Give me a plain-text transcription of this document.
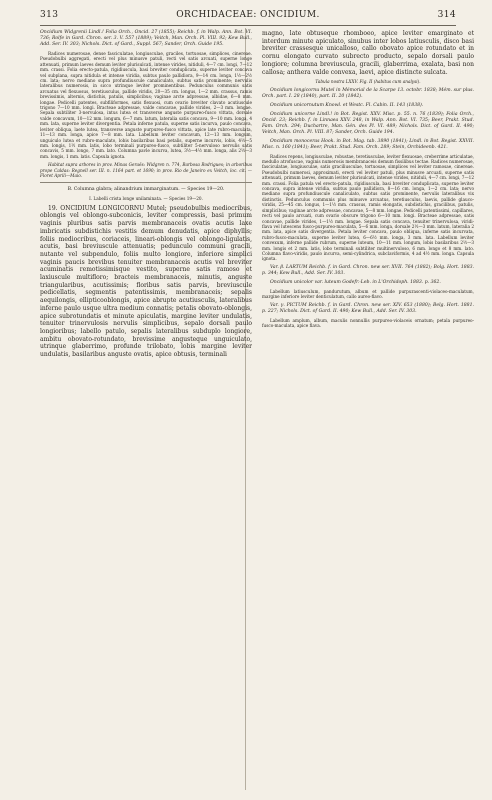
313	ORCHIDACEAE: ONCIDIUM.	314

Oncidium Widgrenii Lindl.! Folia Orch., Oncid. 27 (1855); Reichb. f. in Walp. Ann. Bot. VI. 736; Rolfe in Gard. Chron. ser. 3. V. 557 (1889); Veitch, Man. Orch. Pl. VIII. 92; Kew Bull., Add. Ser. IV. 303; Nichols. Dict. of Gard., Suppl. 567; Sander, Orch. Guide 195.

Radices numerosae, dense fasciculatae, longiusculae, graciles, tortuosae, simplices, cinereae. Pseudobulbi aggregati, erecti vel plus minusve patuli, recti vel satis arcuati, superne longe attenuati, primum laeves demum leviter plurisulcati, intense virides, nitiduli, 4—7 cm. longi, 7—12 mm. crassi. Folia erecto-patula, rigidiuscula, basi breviter conduplicata, superne leviter concava vel subplana, supra nitidula et intense viridia, subtus paulo pallidiora, 9—14 cm. longa, 1½—2½ cm. lata; nervo mediano supra profundiuscule canaliculato, subtus satis prominente; nervulis lateralibus numerosis, in sicco utrinque leviter prominentibus. Pedunculus communis satis arcuatus vel flexuosus, teretiusculus, pallide viridis, 20—35 cm. longus, 1—2 mm. crassus, ramis brevissimis, alternis, distichis, patulis, simplicibus; vaginae arcte adpressae, albidae, 6—8 mm. longae. Pedicelli patentes, subfiliformes, satis flexuosi, cum ovario breviter clavato acutiuscule trigono 7—10 mm. longi. Bracteae adpressae, valde concavae, pallide virides, 2—3 mm. longae. Sepala subtiliter 3-nervulosa, intus lutea et transverse anguste purpureo-fusco vittata, dorsale valde concavum, 10—12 mm. longum, 6—7 mm. latum, lateralia satis concava, 9—10 mm. longa, 4 mm. lata, superne leviter divergentia. Petala inferne patula, superne satis incurva, paulo concava, leviter obliqua, laete lutea, transverse anguste purpureo-fusco vittata, apice late rubro-maculata, 11—13 mm. longa, apice 7—8 mm. lata. Labellum leviter concavum, 12—13 mm. longum, unguiculo lutea et rubro-maculato, lobis basilaribus basi petalis, superne incurvis, lobis, 4½—5 mm. longis, 1½ mm. latis, lobo terminali purpureo-fusco, subtiliter 5-nervuloso nervulis satis concavis, 5 mm. longo, 7 mm. lato. Columna pavle incurva, lutea, 3½—4½ mm. longa, alis 2½—3 mm. longis, 1 mm. latis. Capsula ignota.

Habitat supra arbores in prov. Minas Geraës: Widgren n. 774, Barbosa Rodrigues; in arboribus prope Caldas: Regnell ser. III. n. 1164 part. et 1690; in prov. Rio de Janeiro ex Veitch, loc. cit. — Floret Aprili—Maio.

B. Columna glabra; alinandrium immarginatum. — Species 19—20.

I. Labelli crista longe unilaminata. — Species 19—20.

19. ONCIDIUM LONGICORNU Mutel; pseudobulbis mediocribus, oblongis vel oblongo-subconicis, leviter compressis, basi primum vaginis pluribus satis parvis membranaceis ovatis acutis laxe imbricatis subdistichis vestitis demum denudatis, apice diphyllis; foliis mediocribus, coriaceis, lineari-oblongis vel oblongo-ligulatis, acutis, basi breviuscule attenuatis; pedunculo communi gracili, nutante vel subpendulo, foliis multo longiore, inferiore simplici vaginis paucis brevibus tenuiter membranaceis acutis vel breviter acuminatis remotissimisque vestito, superne satis ramoso et laxiuscule multifloro; bracteis membranaceis, minutis, anguste triangularibus, acutissimis; floribus satis parvis, breviuscule pedicellatis, segmentis patentissimis, membranaceis; sepalis aequilongis, ellipticooblongis, apice abrupte acutiusculis, lateralibus inferne paulo usque ultra medium connatis; petalis obovato-oblongis, apice subrotundatis et minute apiculatis, margine leviter undulatis, tenuiter trinervulosis nervulis simplicibus, sepalo dorsali paulo longioribus; labello patulo, sepalis lateralibus subduplo longiore, ambitu obovato-rotundato, brevissime angusteque unguiculato, utrinque glaberrimo, profunde trilobato, lobis margine leviter undulatis, basilaribus anguste ovatis, apice obtusis, terminali

magno, late obtuseque rhomboeo, apice leviter emarginato et interdum minute apiculato, sinubus inter lobos latiusculis, disco basi breviter crassesque unicalloso, callo obovato apice rotundato et in cornu elongato curvato subrecto producto, sepalo dorsali paulo longiore; columna breviuscula, gracili, glaberrima, exalata, basi non callosa; anthera valde convexa, laevi, apice distincte sulcata.

Tabula nostra LXXV. Fig. II (habitus cum analysi).

Oncidium longicornu Mutel in Mémorial de la Scarpe 13. octobr. 1838; Mém. sur plus. Orch. part. I. 28 (1840), part. II. 20 (1842).

Oncidium unicornutum Knowl. et Westc. Fl. Cabin. II. 143 (1838).

Oncidium unicorne Lindl.! in Bot. Regist. XXV. Misc. p. 55. n. 76 (1839); Folia Orch., Oncid. 23; Reichb. f. in Linnaea XXV. 248, in Walp. Ann. Bot. VI. 735; Beer, Prakt. Stud. Fam. Orch. 294; Duchartre, Man. Gén. des Pl. VI. 489; Nichols. Dict. of Gard. II. 490; Veitch, Man. Orch. Pl. VIII. 87; Sander, Orch. Guide 194.

Oncidium monoceras Hook. in Bot. Mag. tab. 3890 (1841); Lindl. in Bot. Regist. XXVII. Misc. n. 160 (1841); Beer, Prakt. Stud. Fam. Orch. 289; Stein, Orchideenb. 421.

Radices repens, longiusculae, robustae, teretiusculae, leviter flexuosae, creberrime articulatae, medullo atrofuscae, vaginis numerosis membranaceis demum fissilibus tectae. Radices numerosae, fasciculatae, longiusculae, satis graciliusculae, tortuosae, simplices vel leviter ramosae, cinereae. Pseudobulbi numerosi, approximati, erecti vel leviter patuli, plus minusve arcuati, superne satis attenuati, primum laeves, demum leviter plurisulcati, intense virides, nitiduli, 4—7 cm. longi, 7—12 mm. crassi. Folia patula vel erecto-patula, rigidiuscula, basi breviter conduplicata, superne leviter concava, supra intense viridia, subtus paulo pallidiora, 8—16 cm. longa, 1—2 cm. lata; nervo mediano supra profundiuscule canaliculato, subtus satis prominente, nervulis lateralibus vix distinctis. Pedunculus communis plus minusve arcuatus, teretiusculus, laevis, pallide glauco-viridis, 25—45 cm. longus, 1—1½ mm. crassus, ramis elongatis, subdistichis, gracilibus, patulis, simplicibus; vaginae arcte adpressae, concavae, 5—8 mm. longae. Pedicelli patentissimi, capillares, recti vel paulo arcuati, cum ovario obscure trigono 6—10 mm. longi. Bracteae adpressae, satis concavae, pallide virides, 1—1½ mm. longae. Sepala satis concava, tenuiter trinervulosa, viridi-flava vel lutescens fusco-purpureo-maculata, 5—6 mm. longa, dorsale 2½—3 mm. latum, lateralia 2 mm. lata, apice satis divergentia. Petala leviter concava, paulo obliqua, inferne satis incurvata, rubro-fusco-maculata, superne leviter lutea, 6—6½ mm. longa, 3 mm. lata. Labellum leviter convexum, inferne pallide rubrum, superne luteum, 10—11 mm. longum, lobis basilaribus 2½—3 mm. longis et 2 mm. latis, lobo terminali subtiliter multinervuloso, 6 mm. longo et 8 mm. lato. Columna flavo-viridis, paulo incurva, semi-cylindrica, subclaviformis, 4 ad 4½ mm. longa. Capsula ignota.

Var. β. LARTUM Reichb. f. in Gard. Chron. new ser. XVII. 764 (1882); Bolg. Hort. 1883. p. 344; Kew Bull., Add. Ser. IV. 303.

Oncidium unicolor var. luteum Godefr.-Leb. in L'Orchidoph. 1883. p. 362.

Labellum latiusculum, pandurutum, album et pallide purpurascenti-violaceo-maculatum, margine inferiore leviter denticulatum, callo aureo-flavo.

Var. γ. PICTUM Reichb. f. in Gard. Chron. new ser. XIV. 653 (1880); Belg. Hort. 1881. p. 227; Nichols. Dict. of Gard. II. 490; Kew Bull., Add. Ser. IV. 303.

Labellum amplum, album, maculis nonnullis purpureo-violaceis ornatum; petala purpureo-fusco-maculata, apice flava.
